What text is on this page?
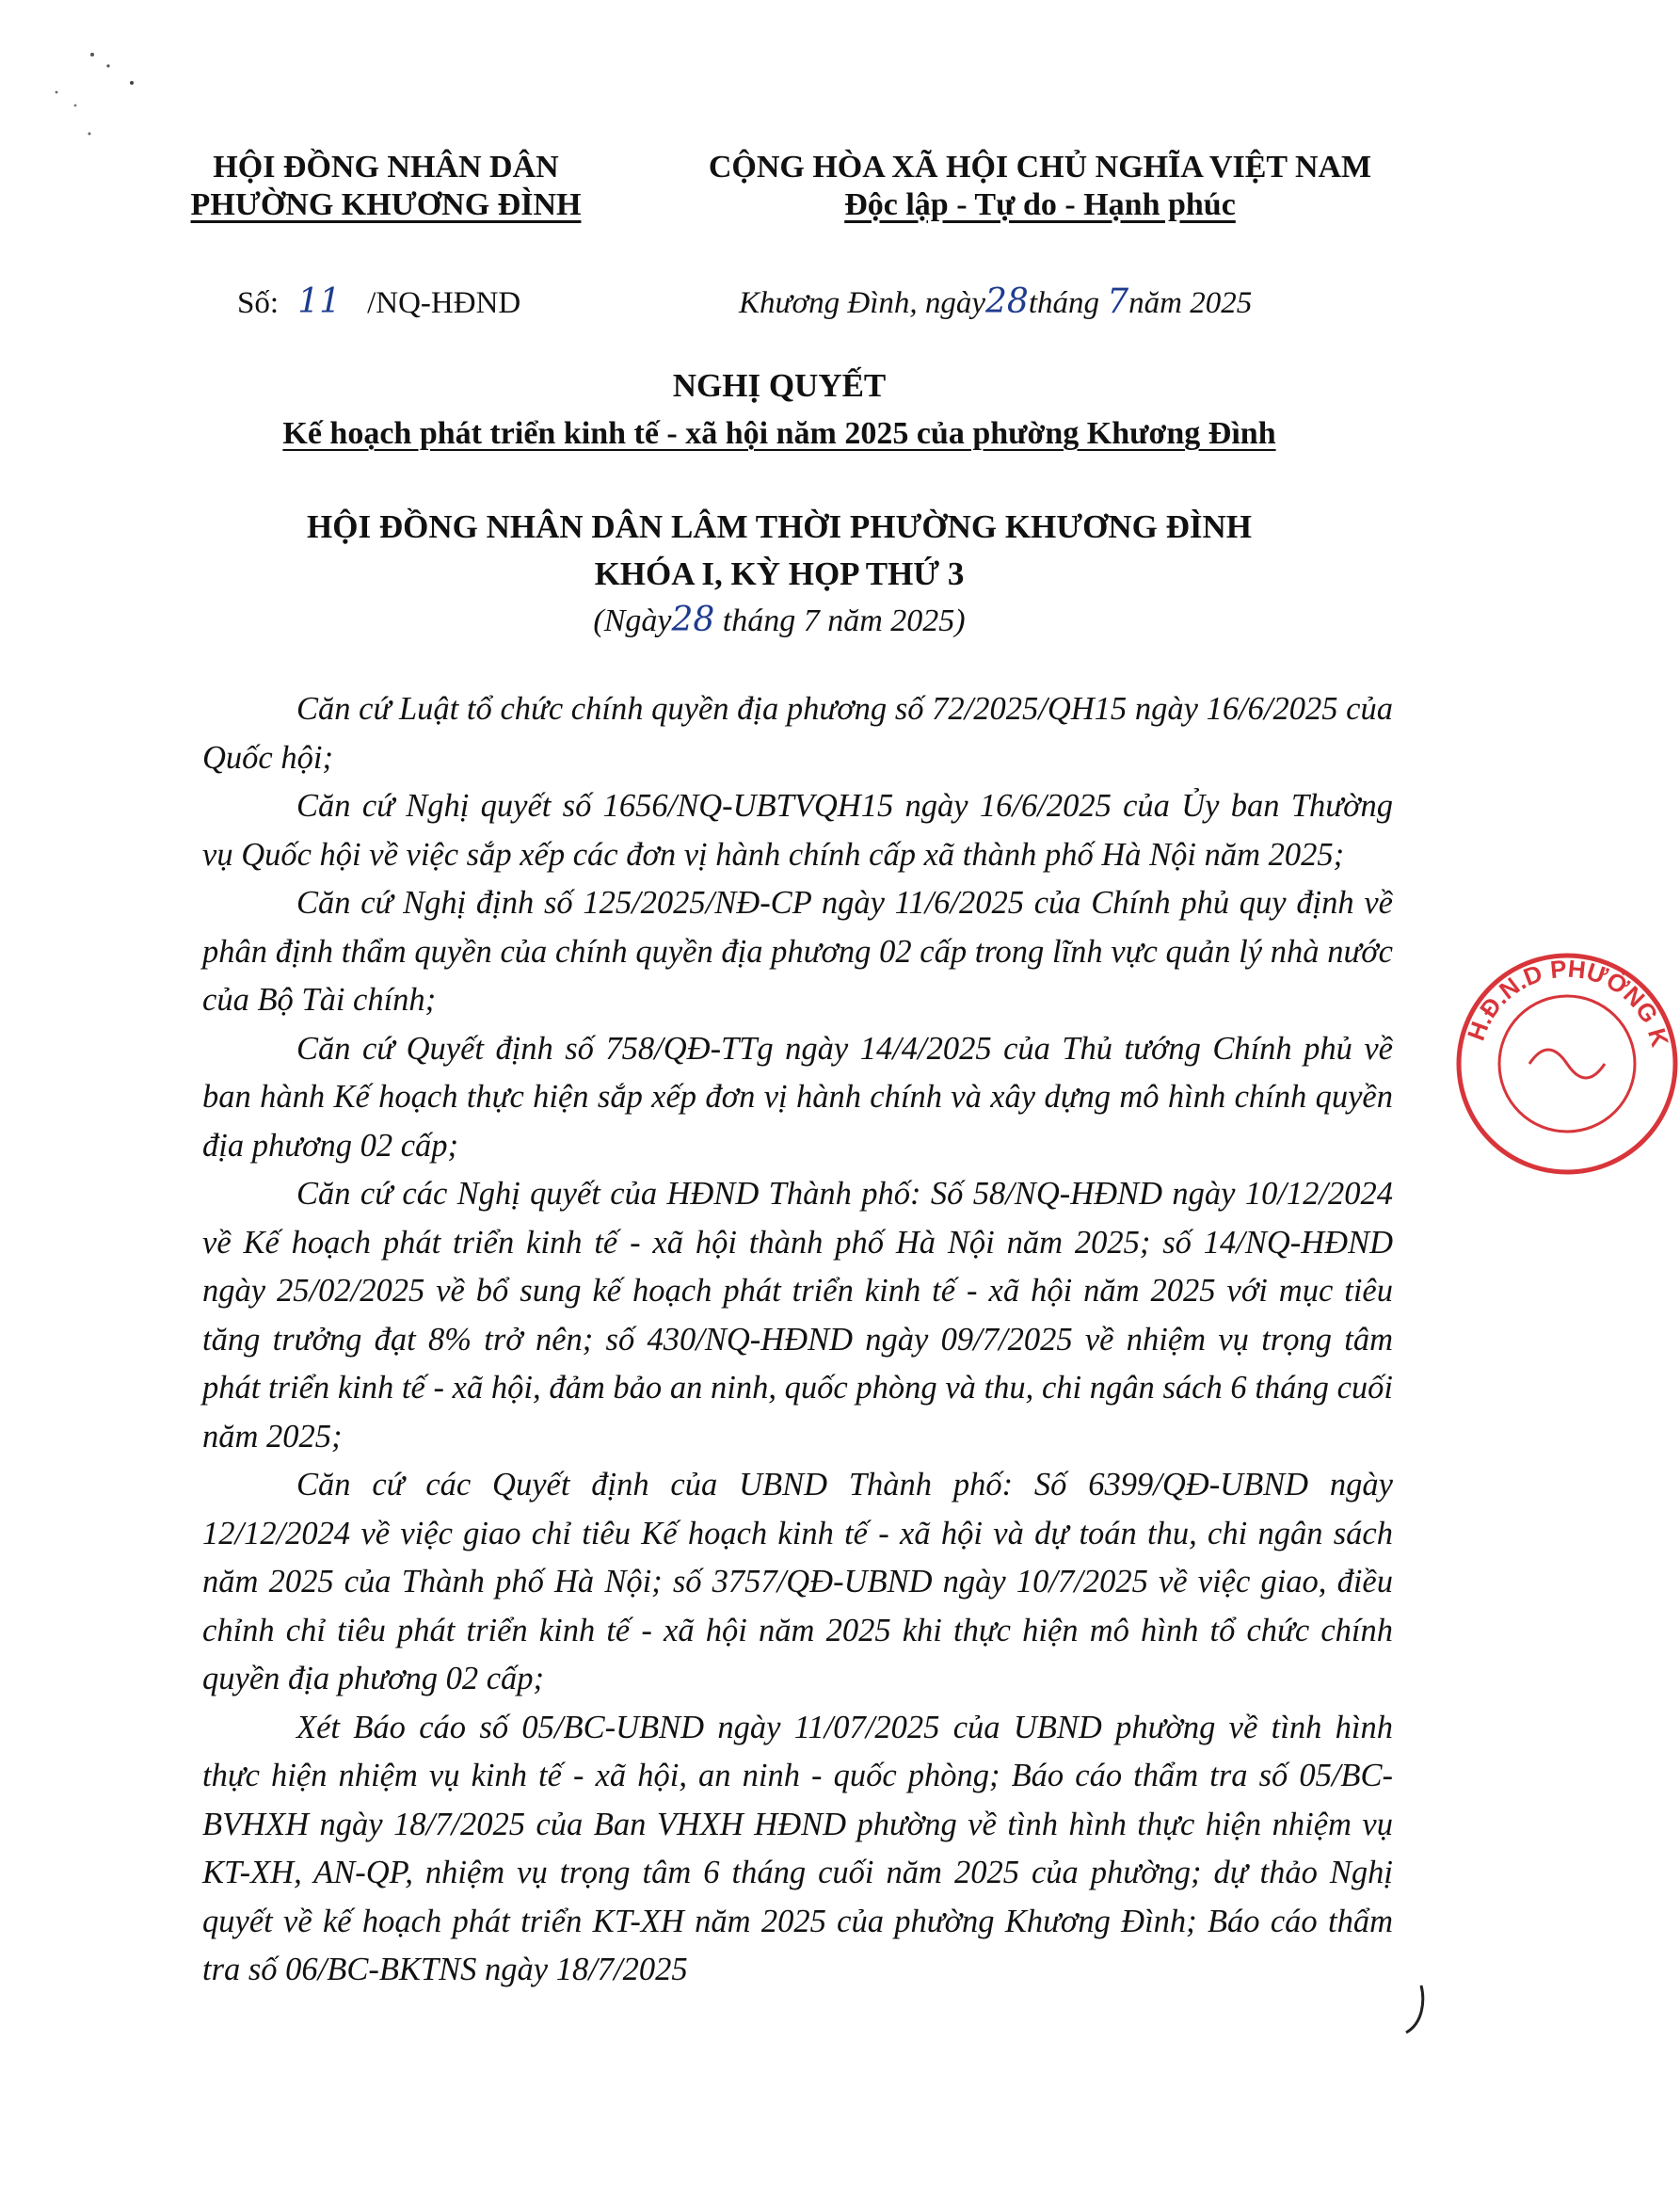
HỘI ĐỒNG NHÂN DÂN
PHƯỜNG KHƯƠNG ĐÌNH
CỘNG HÒA XÃ HỘI CHỦ NGHĨA VIỆT NAM
Độc lập - Tự do - Hạnh phúc
Số: 11 /NQ-HĐND	Khương Đình, ngày28tháng 7năm 2025
NGHỊ QUYẾT
Kế hoạch phát triển kinh tế - xã hội năm 2025 của phường Khương Đình
HỘI ĐỒNG NHÂN DÂN LÂM THỜI PHƯỜNG KHƯƠNG ĐÌNH
KHÓA I, KỲ HỌP THỨ 3
(Ngày28 tháng 7 năm 2025)

Căn cứ Luật tổ chức chính quyền địa phương số 72/2025/QH15 ngày 16/6/2025 của Quốc hội;

Căn cứ Nghị quyết số 1656/NQ-UBTVQH15 ngày 16/6/2025 của Ủy ban Thường vụ Quốc hội về việc sắp xếp các đơn vị hành chính cấp xã thành phố Hà Nội năm 2025;

Căn cứ Nghị định số 125/2025/NĐ-CP ngày 11/6/2025 của Chính phủ quy định về phân định thẩm quyền của chính quyền địa phương 02 cấp trong lĩnh vực quản lý nhà nước của Bộ Tài chính;

Căn cứ Quyết định số 758/QĐ-TTg ngày 14/4/2025 của Thủ tướng Chính phủ về ban hành Kế hoạch thực hiện sắp xếp đơn vị hành chính và xây dựng mô hình chính quyền địa phương 02 cấp;

Căn cứ các Nghị quyết của HĐND Thành phố: Số 58/NQ-HĐND ngày 10/12/2024 về Kế hoạch phát triển kinh tế - xã hội thành phố Hà Nội năm 2025; số 14/NQ-HĐND ngày 25/02/2025 về bổ sung kế hoạch phát triển kinh tế - xã hội năm 2025 với mục tiêu tăng trưởng đạt 8% trở nên; số 430/NQ-HĐND ngày 09/7/2025 về nhiệm vụ trọng tâm phát triển kinh tế - xã hội, đảm bảo an ninh, quốc phòng và thu, chi ngân sách 6 tháng cuối năm 2025;

Căn cứ các Quyết định của UBND Thành phố: Số 6399/QĐ-UBND ngày 12/12/2024 về việc giao chỉ tiêu Kế hoạch kinh tế - xã hội và dự toán thu, chi ngân sách năm 2025 của Thành phố Hà Nội; số 3757/QĐ-UBND ngày 10/7/2025 về việc giao, điều chỉnh chỉ tiêu phát triển kinh tế - xã hội năm 2025 khi thực hiện mô hình tổ chức chính quyền địa phương 02 cấp;

Xét Báo cáo số 05/BC-UBND ngày 11/07/2025 của UBND phường về tình hình thực hiện nhiệm vụ kinh tế - xã hội, an ninh - quốc phòng; Báo cáo thẩm tra số 05/BC-BVHXH ngày 18/7/2025 của Ban VHXH HĐND phường về tình hình thực hiện nhiệm vụ KT-XH, AN-QP, nhiệm vụ trọng tâm 6 tháng cuối năm 2025 của phường; dự thảo Nghị quyết về kế hoạch phát triển KT-XH năm 2025 của phường Khương Đình; Báo cáo thẩm tra số 06/BC-BKTNS ngày 18/7/2025

H.Đ.N.D PHƯỜNG K
